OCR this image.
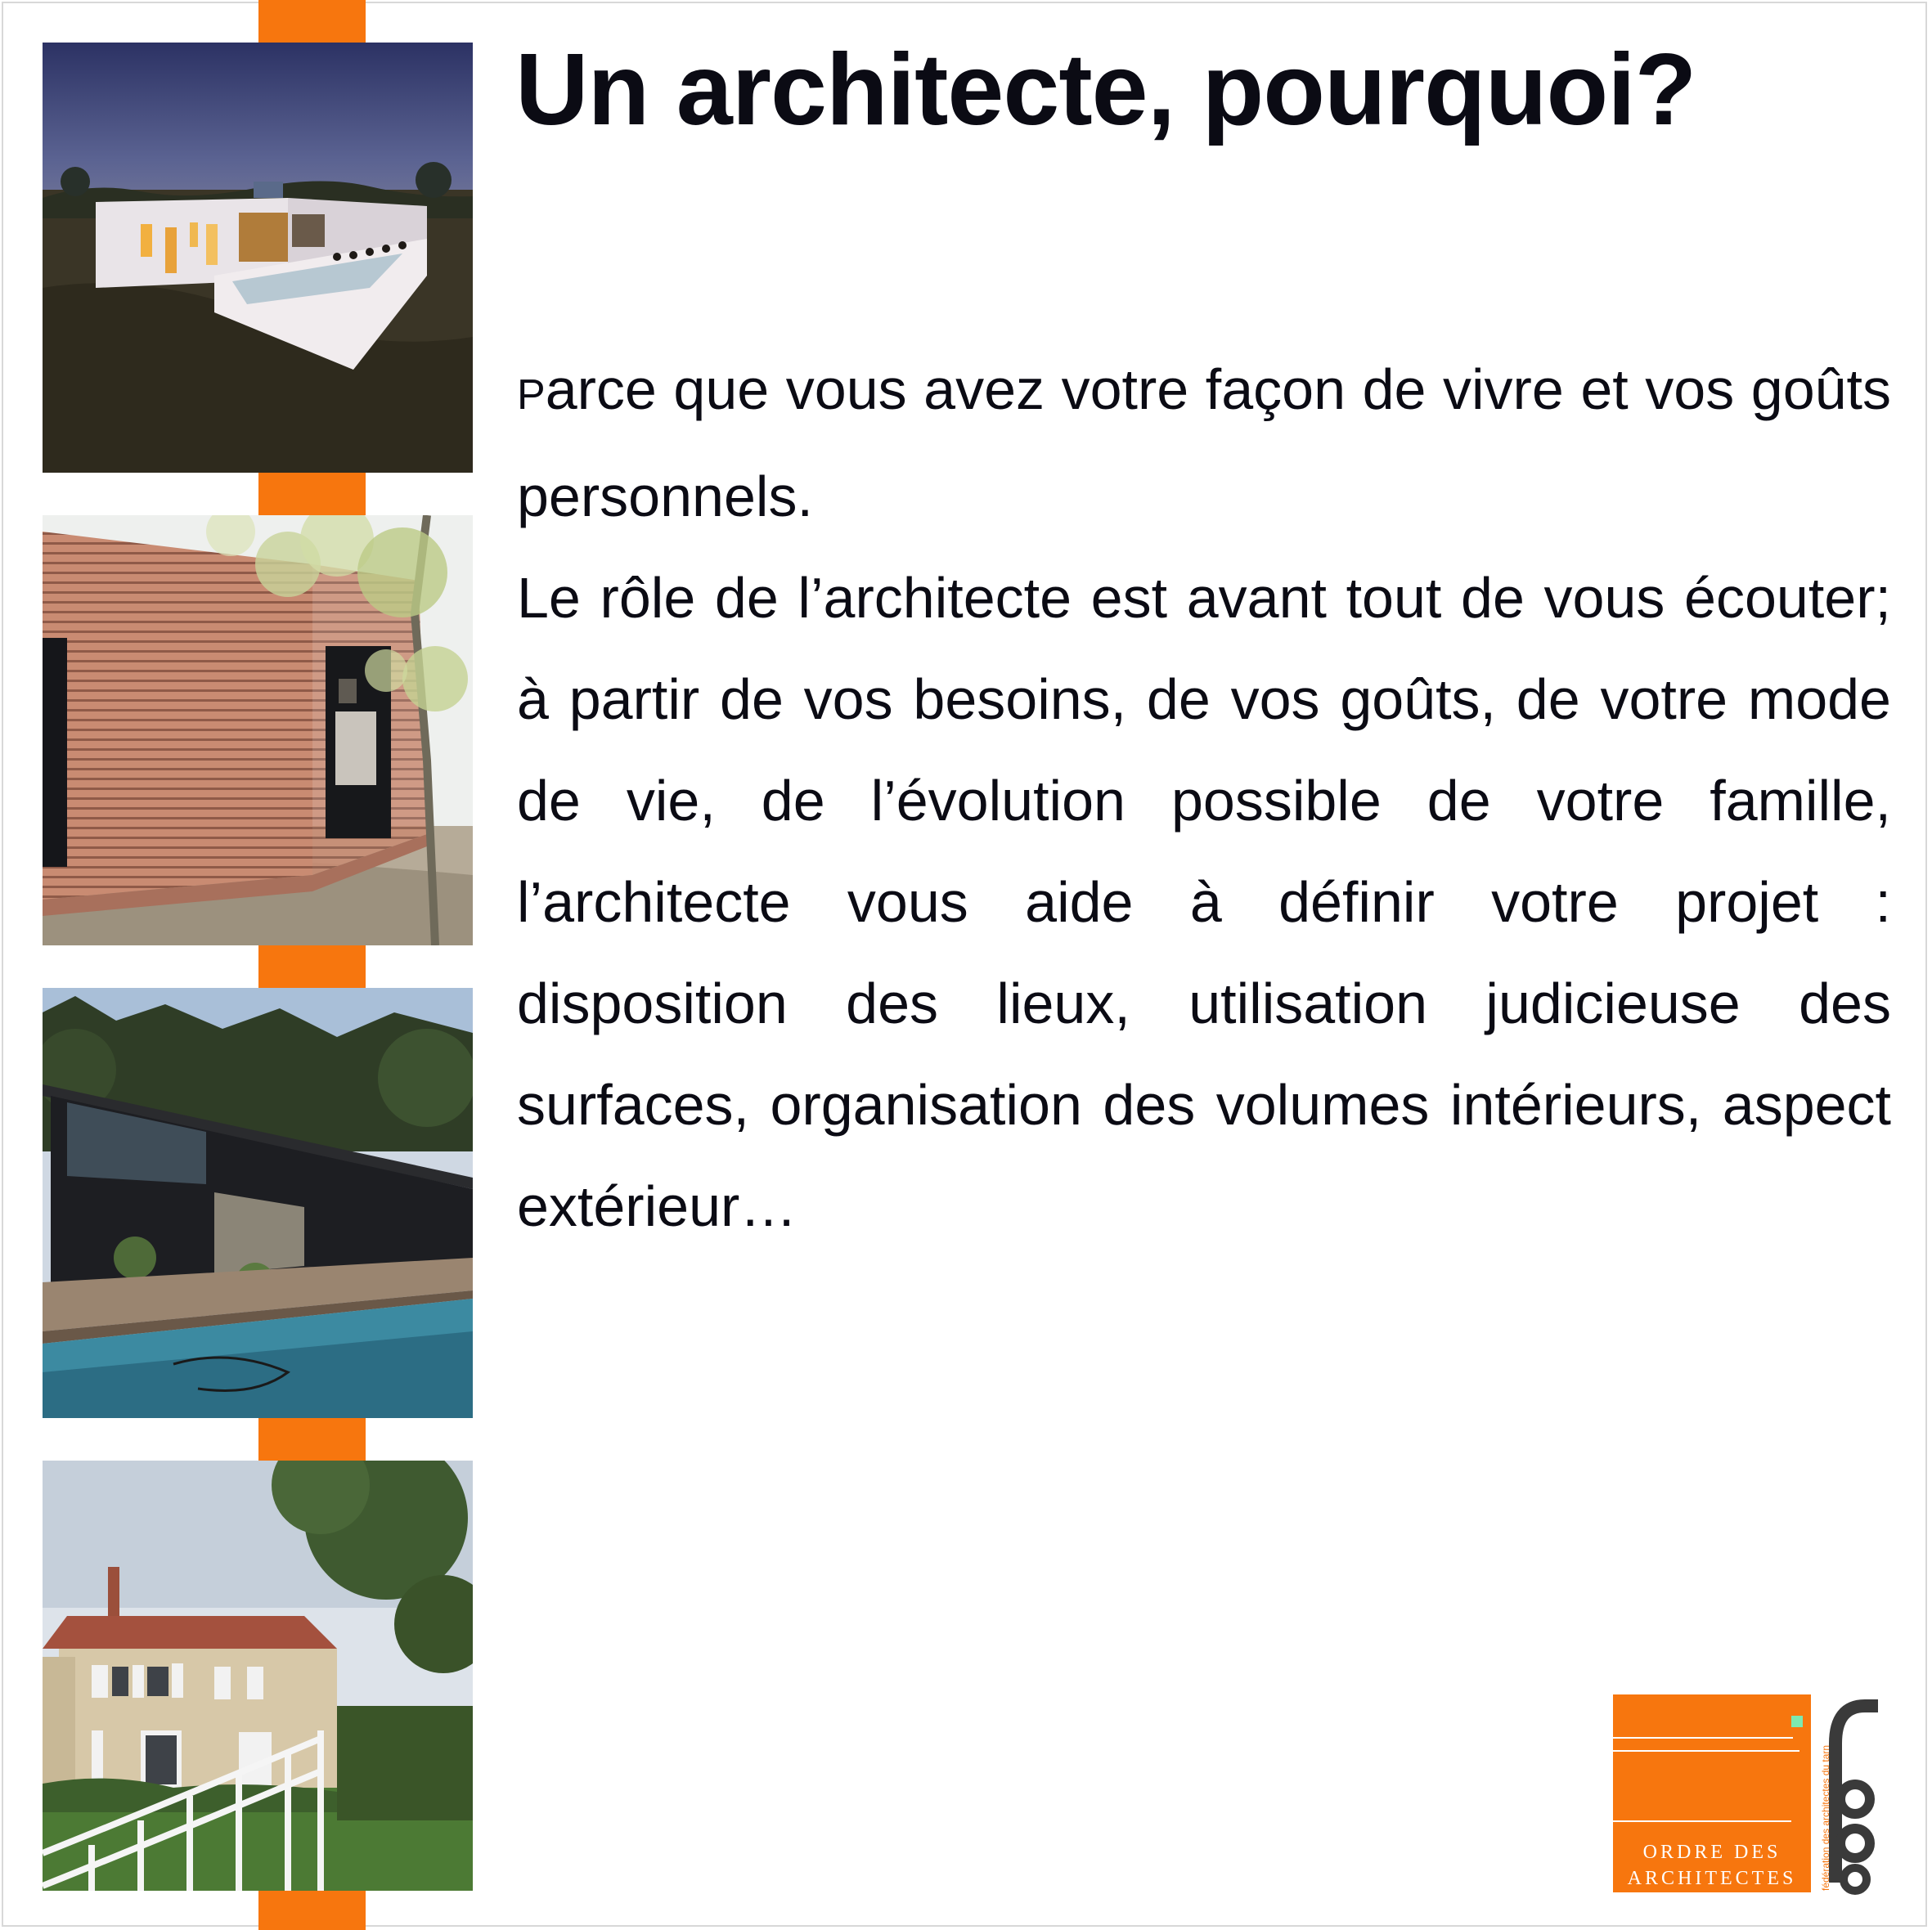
Un architecte, pourquoi?

Parce que vous avez votre façon de vivre et vos goûts personnels.

Le rôle de l’architecte est avant tout de vous écouter; à partir de vos besoins, de vos goûts, de votre mode de vie, de l’évolution possible de votre famille, l’architecte vous aide à définir votre projet : disposition des lieux, utilisation judicieuse des surfaces, organisation des volumes intérieurs, aspect extérieur…

ORDRE DES
ARCHITECTES	fédération des architectes du tarn
